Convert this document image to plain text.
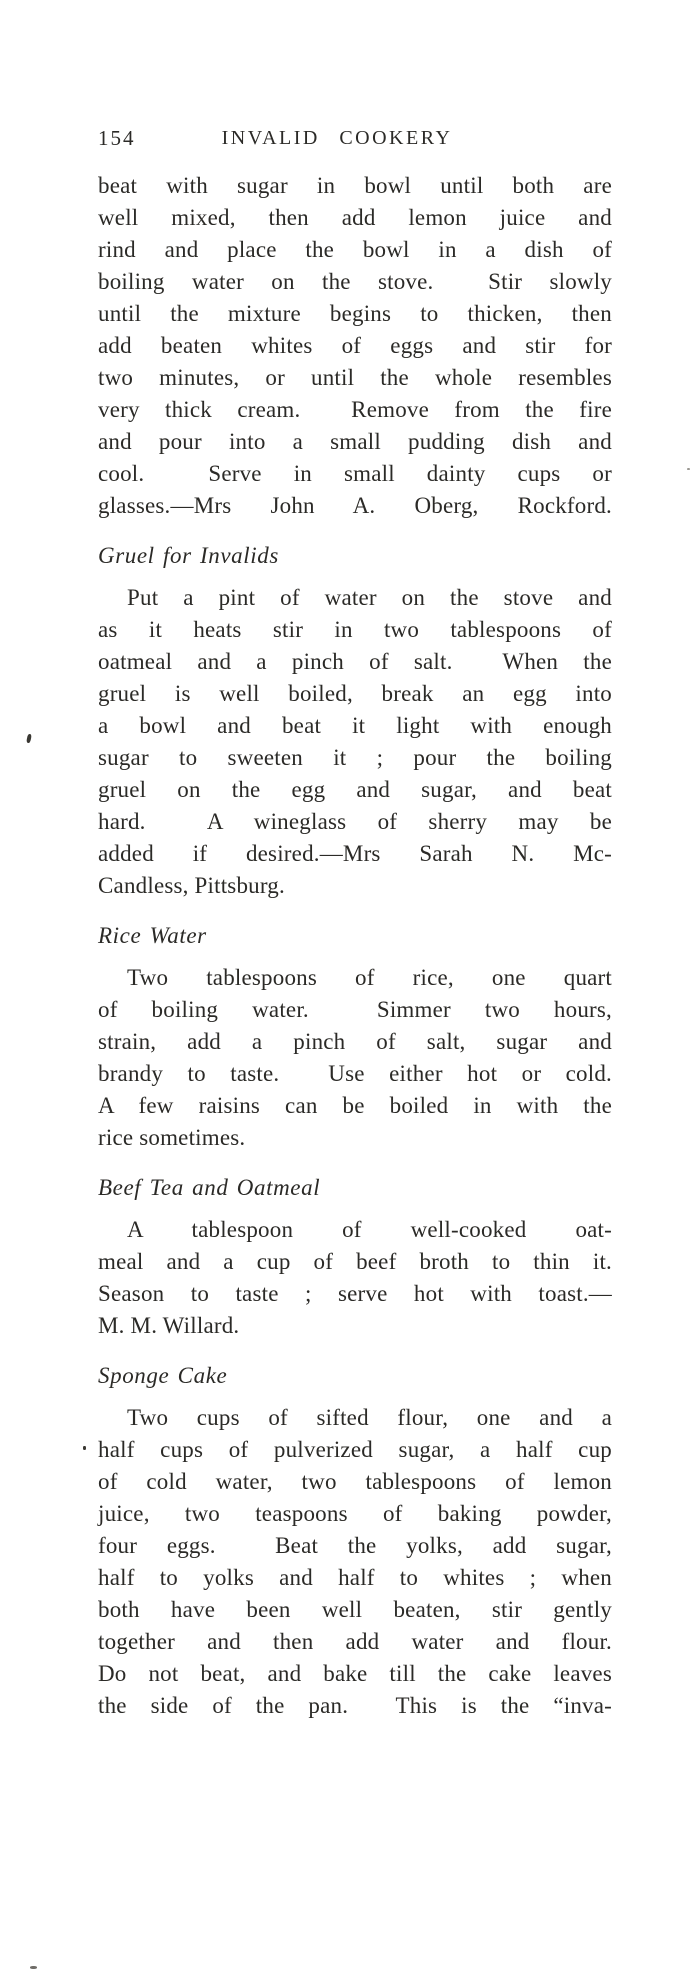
154	INVALID COOKERY
beat with sugar in bowl until both are
well mixed, then add lemon juice and
rind and place the bowl in a dish of
boiling water on the stove.  Stir slowly
until the mixture begins to thicken, then
add beaten whites of eggs and stir for
two minutes, or until the whole resembles
very thick cream.  Remove from the fire
and pour into a small pudding dish and
cool.  Serve in small dainty cups or
glasses.—Mrs John A. Oberg, Rockford.
Gruel for Invalids
Put a pint of water on the stove and
as it heats stir in two tablespoons of
oatmeal and a pinch of salt.  When the
gruel is well boiled, break an egg into
a bowl and beat it light with enough
sugar to sweeten it ; pour the boiling
gruel on the egg and sugar, and beat
hard.  A wineglass of sherry may be
added if desired.—Mrs Sarah N. Mc-
Candless, Pittsburg.
Rice Water
Two tablespoons of rice, one quart
of boiling water.  Simmer two hours,
strain, add a pinch of salt, sugar and
brandy to taste.  Use either hot or cold.
A few raisins can be boiled in with the
rice sometimes.
Beef Tea and Oatmeal
A tablespoon of well-cooked oat-
meal and a cup of beef broth to thin it.
Season to taste ; serve hot with toast.—
M. M. Willard.
Sponge Cake
Two cups of sifted flour, one and a
half cups of pulverized sugar, a half cup
of cold water, two tablespoons of lemon
juice, two teaspoons of baking powder,
four eggs.  Beat the yolks, add sugar,
half to yolks and half to whites ; when
both have been well beaten, stir gently
together and then add water and flour.
Do not beat, and bake till the cake leaves
the side of the pan.  This is the “inva-
